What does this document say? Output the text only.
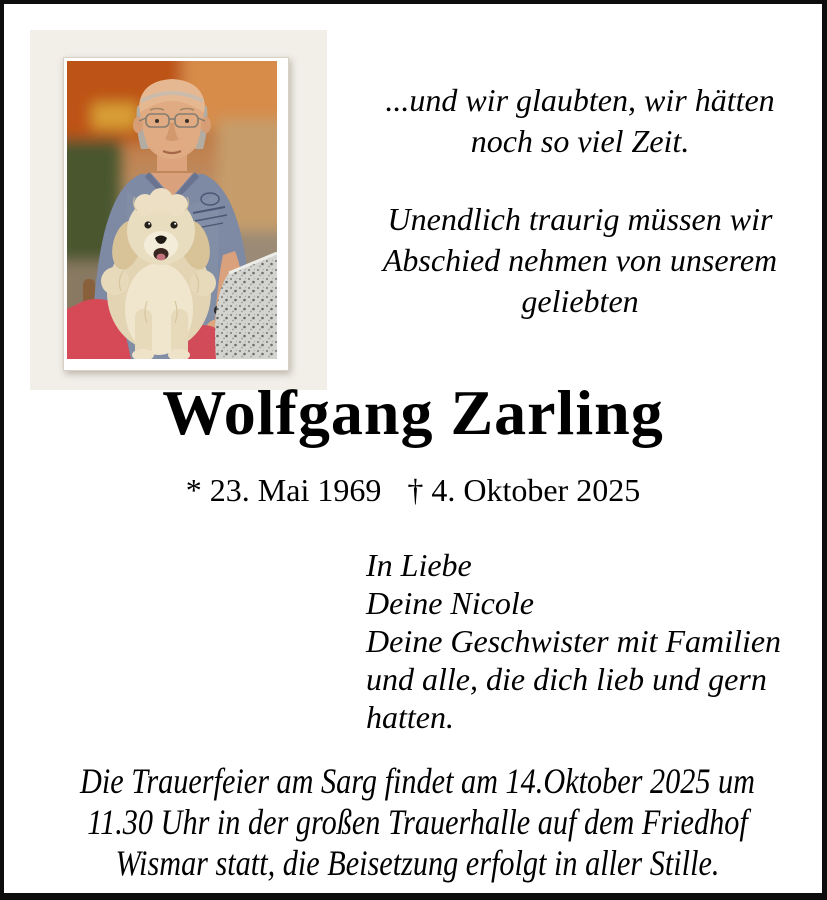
...und wir glaubten, wir hätten
noch so viel Zeit.

Unendlich traurig müssen wir
Abschied nehmen von unserem
geliebten

Wolfgang Zarling
* 23. Mai 1969 † 4. Oktober 2025
In Liebe
Deine Nicole
Deine Geschwister mit Familien
und alle, die dich lieb und gern
hatten.
Die Trauerfeier am Sarg findet am 14.Oktober 2025 um
11.30 Uhr in der großen Trauerhalle auf dem Friedhof
Wismar statt, die Beisetzung erfolgt in aller Stille.
